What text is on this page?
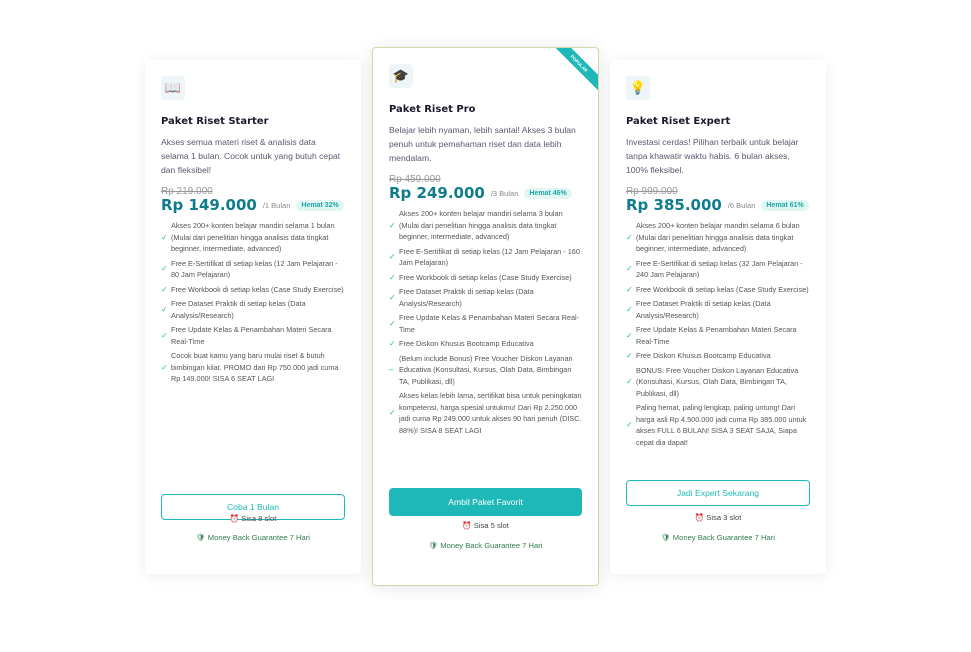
📖
Paket Riset Starter
Akses semua materi riset & analisis data selama 1 bulan. Cocok untuk yang butuh cepat dan fleksibel!
Rp 219.000
Rp 149.000 /1 Bulan	Hemat 32%
✓
Akses 200+ konten belajar mandiri selama 1 bulan (Mulai dari penelitian hingga analisis data tingkat beginner, intermediate, advanced)
✓
Free E-Sertifikat di setiap kelas (12 Jam Pelajaran - 80 Jam Pelajaran)
✓ Free Workbook di setiap kelas (Case Study Exercise)
✓
Free Dataset Praktik di setiap kelas (Data Analysis/Research)
✓
Free Update Kelas & Penambahan Materi Secara Real-Time
✓
Cocok buat kamu yang baru mulai riset & butuh bimbingan kilat. PROMO dari Rp 750.000 jadi cuma Rp 149.000! SISA 6 SEAT LAGI
Coba 1 Bulan
⏰ Sisa 8 slot
🛡 Money Back Guarantee 7 Hari
POPULAR
🎓
Paket Riset Pro
Belajar lebih nyaman, lebih santai! Akses 3 bulan penuh untuk pemahaman riset dan data lebih mendalam.
Rp 459.000
Rp 249.000 /3 Bulan	Hemat 46%
✓
Akses 200+ konten belajar mandiri selama 3 bulan (Mulai dari penelitian hingga analisis data tingkat beginner, intermediate, advanced)
✓
Free E-Sertifikat di setiap kelas (12 Jam Pelajaran - 160 Jam Pelajaran)
✓ Free Workbook di setiap kelas (Case Study Exercise)
✓
Free Dataset Praktik di setiap kelas (Data Analysis/Research)
✓
Free Update Kelas & Penambahan Materi Secara Real-Time
✓ Free Diskon Khusus Bootcamp Educativa
–
(Belum include Bonus) Free Voucher Diskon Layanan Educativa (Konsultasi, Kursus, Olah Data, Bimbingan TA, Publikasi, dll)
✓
Akses kelas lebih lama, sertifikat bisa untuk peningkatan kompetensi, harga spesial untukmu! Dari Rp 2.250.000 jadi cuma Rp 249.000 untuk akses 90 hari penuh (DISC. 88%)! SISA 8 SEAT LAGI
Ambil Paket Favorit
⏰ Sisa 5 slot
🛡 Money Back Guarantee 7 Hari
💡
Paket Riset Expert
Investasi cerdas! Pilihan terbaik untuk belajar tanpa khawatir waktu habis. 6 bulan akses, 100% fleksibel.
Rp 999.000
Rp 385.000 /6 Bulan	Hemat 61%
✓
Akses 200+ konten belajar mandiri selama 6 bulan (Mulai dari penelitian hingga analisis data tingkat beginner, intermediate, advanced)
✓
Free E-Sertifikat di setiap kelas (32 Jam Pelajaran - 240 Jam Pelajaran)
✓ Free Workbook di setiap kelas (Case Study Exercise)
✓
Free Dataset Praktik di setiap kelas (Data Analysis/Research)
✓
Free Update Kelas & Penambahan Materi Secara Real-Time
✓ Free Diskon Khusus Bootcamp Educativa
✓
BONUS: Free Voucher Diskon Layanan Educativa (Konsultasi, Kursus, Olah Data, Bimbingan TA, Publikasi, dll)
✓
Paling hemat, paling lengkap, paling untung! Dari harga asli Rp 4.500.000 jadi cuma Rp 385.000 untuk akses FULL 6 BULAN! SISA 3 SEAT SAJA, Siapa cepat dia dapat!
Jadi Expert Sekarang
⏰ Sisa 3 slot
🛡 Money Back Guarantee 7 Hari
